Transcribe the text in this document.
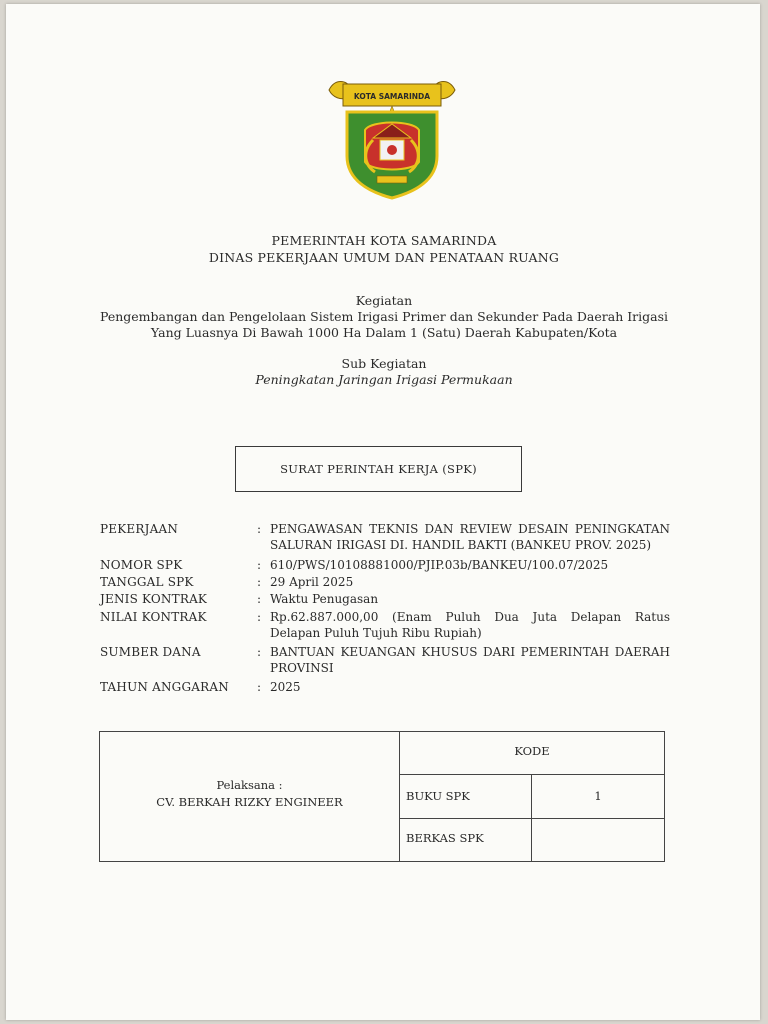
KOTA SAMARINDA
PEMERINTAH KOTA SAMARINDA
DINAS PEKERJAAN UMUM DAN PENATAAN RUANG
Kegiatan
Pengembangan dan Pengelolaan Sistem Irigasi Primer dan Sekunder Pada Daerah Irigasi
Yang Luasnya Di Bawah 1000 Ha Dalam 1 (Satu) Daerah Kabupaten/Kota
Sub Kegiatan
Peningkatan Jaringan Irigasi Permukaan
SURAT PERINTAH KERJA (SPK)
PEKERJAAN	: PENGAWASAN TEKNIS DAN REVIEW DESAIN PENINGKATAN
SALURAN IRIGASI DI. HANDIL BAKTI (BANKEU PROV. 2025)
NOMOR SPK	: 610/PWS/10108881000/PJIP.03b/BANKEU/100.07/2025
TANGGAL SPK	: 29 April 2025
JENIS KONTRAK	: Waktu Penugasan
NILAI KONTRAK	: Rp.62.887.000,00 (Enam Puluh Dua Juta Delapan Ratus
Delapan Puluh Tujuh Ribu Rupiah)
SUMBER DANA	: BANTUAN KEUANGAN KHUSUS DARI PEMERINTAH DAERAH
PROVINSI
TAHUN ANGGARAN : 2025
Pelaksana :
CV. BERKAH RIZKY ENGINEER
KODE
BUKU SPK	1
BERKAS SPK
